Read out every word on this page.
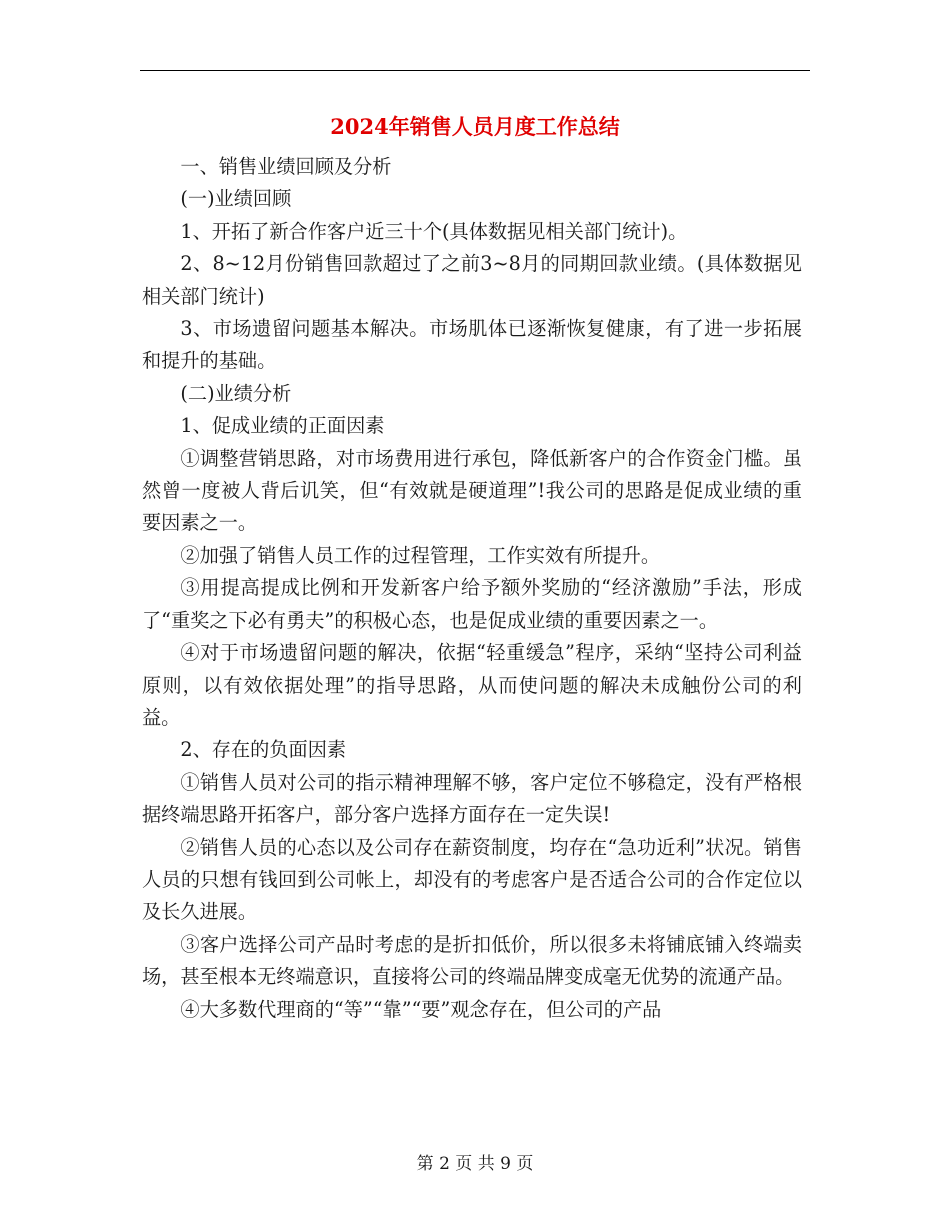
2024年销售人员月度工作总结

一、销售业绩回顾及分析

(一)业绩回顾

1、开拓了新合作客户近三十个(具体数据见相关部门统计)。

2、8~12月份销售回款超过了之前3~8月的同期回款业绩。(具体数据见相关部门统计)

3、市场遗留问题基本解决。市场肌体已逐渐恢复健康，有了进一步拓展和提升的基础。

(二)业绩分析

1、促成业绩的正面因素

①调整营销思路，对市场费用进行承包，降低新客户的合作资金门槛。虽然曾一度被人背后讥笑，但“有效就是硬道理”!我公司的思路是促成业绩的重要因素之一。

②加强了销售人员工作的过程管理，工作实效有所提升。

③用提高提成比例和开发新客户给予额外奖励的“经济激励”手法，形成了“重奖之下必有勇夫”的积极心态，也是促成业绩的重要因素之一。

④对于市场遗留问题的解决，依据“轻重缓急”程序，采纳“坚持公司利益原则，以有效依据处理”的指导思路，从而使问题的解决未成触份公司的利益。

2、存在的负面因素

①销售人员对公司的指示精神理解不够，客户定位不够稳定，没有严格根据终端思路开拓客户，部分客户选择方面存在一定失误!

②销售人员的心态以及公司存在薪资制度，均存在“急功近利”状况。销售人员的只想有钱回到公司帐上，却没有的考虑客户是否适合公司的合作定位以及长久进展。

③客户选择公司产品时考虑的是折扣低价，所以很多未将铺底铺入终端卖场，甚至根本无终端意识，直接将公司的终端品牌变成毫无优势的流通产品。

④大多数代理商的“等”“靠”“要”观念存在，但公司的产品

第 2 页 共 9 页
